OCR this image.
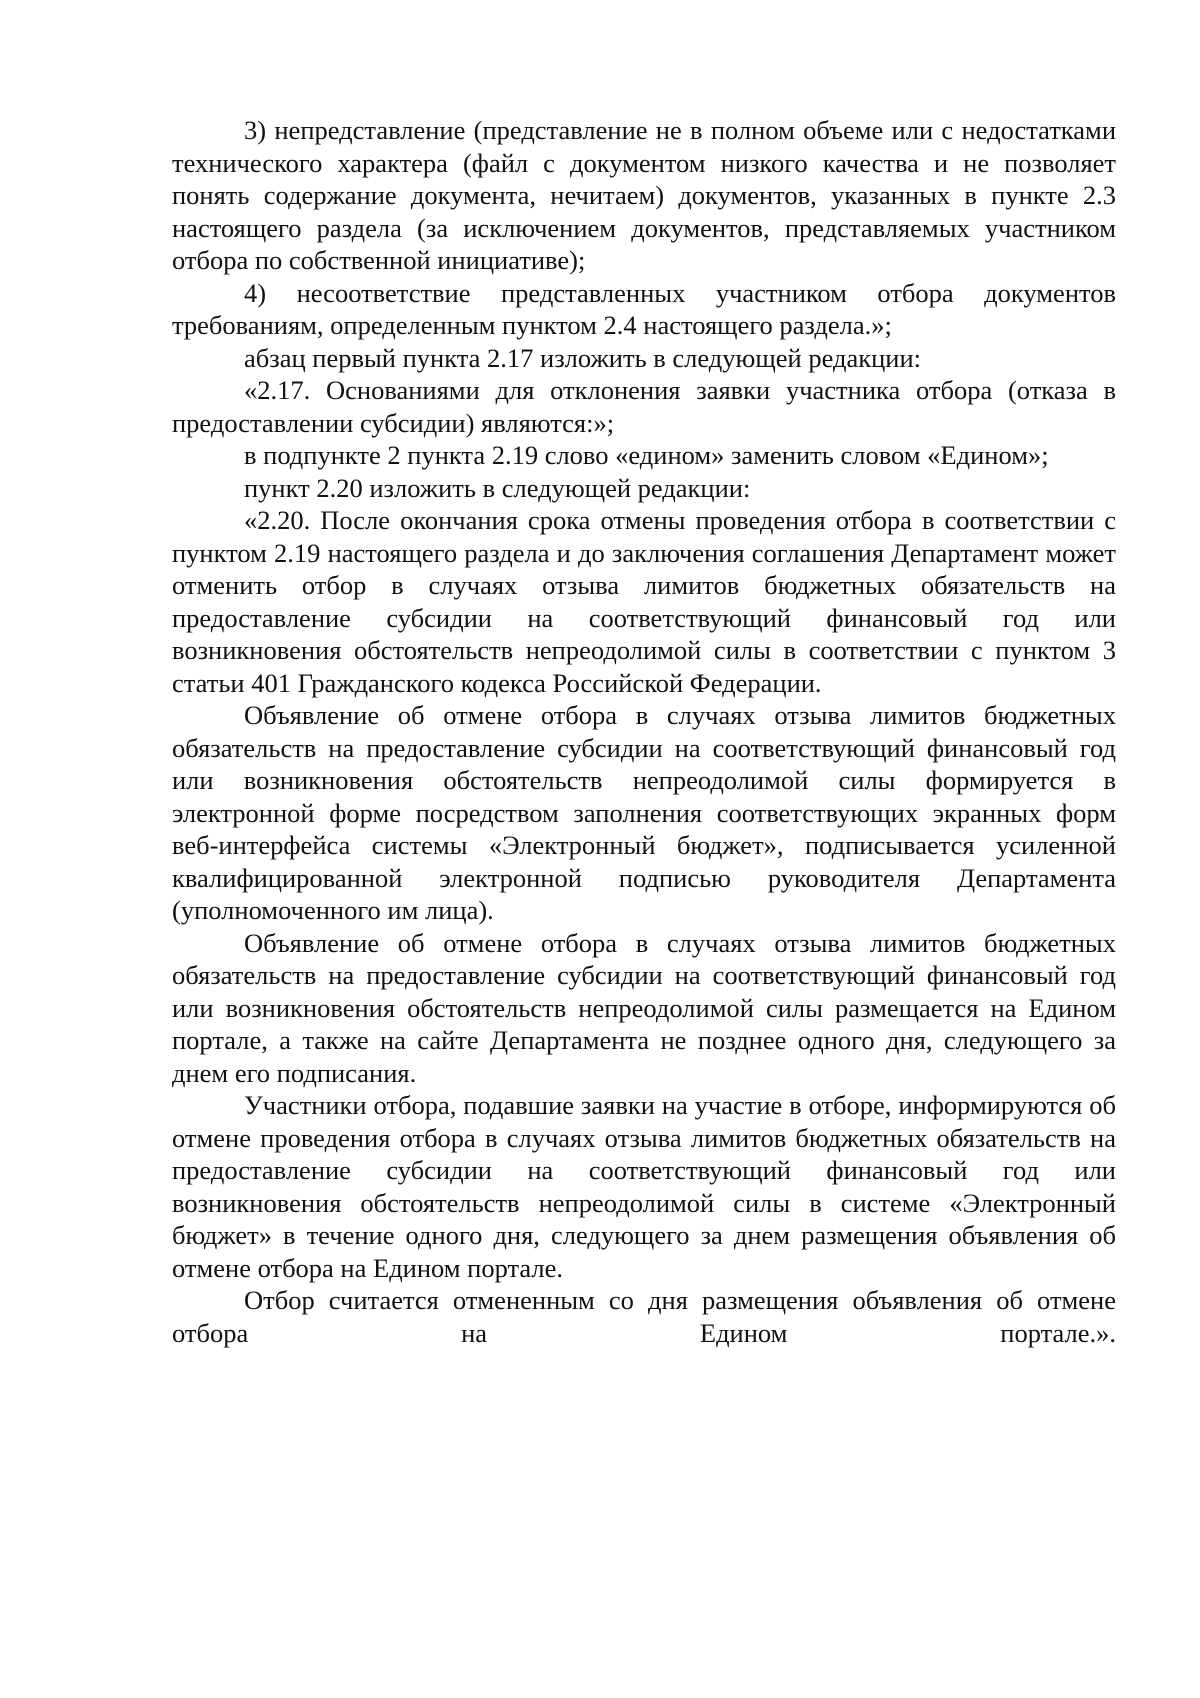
3) непредставление (представление не в полном объеме или с недостатками технического характера (файл с документом низкого качества и не позволяет понять содержание документа, нечитаем) документов, указанных в пункте 2.3 настоящего раздела (за исключением документов, представляемых участником отбора по собственной инициативе);

4) несоответствие представленных участником отбора документов требованиям, определенным пунктом 2.4 настоящего раздела.»;

абзац первый пункта 2.17 изложить в следующей редакции:

«2.17. Основаниями для отклонения заявки участника отбора (отказа в предоставлении субсидии) являются:»;

в подпункте 2 пункта 2.19 слово «едином» заменить словом «Едином»;

пункт 2.20 изложить в следующей редакции:

«2.20. После окончания срока отмены проведения отбора в соответствии с пунктом 2.19 настоящего раздела и до заключения соглашения Департамент может отменить отбор в случаях отзыва лимитов бюджетных обязательств на предоставление субсидии на соответствующий финансовый год или возникновения обстоятельств непреодолимой силы в соответствии с пунктом 3 статьи 401 Гражданского кодекса Российской Федерации.

Объявление об отмене отбора в случаях отзыва лимитов бюджетных обязательств на предоставление субсидии на соответствующий финансовый год или возникновения обстоятельств непреодолимой силы формируется в электронной форме посредством заполнения соответствующих экранных форм веб-интерфейса системы «Электронный бюджет», подписывается усиленной квалифицированной электронной подписью руководителя Департамента (уполномоченного им лица).

Объявление об отмене отбора в случаях отзыва лимитов бюджетных обязательств на предоставление субсидии на соответствующий финансовый год или возникновения обстоятельств непреодолимой силы размещается на Едином портале, а также на сайте Департамента не позднее одного дня, следующего за днем его подписания.

Участники отбора, подавшие заявки на участие в отборе, информируются об отмене проведения отбора в случаях отзыва лимитов бюджетных обязательств на предоставление субсидии на соответствующий финансовый год или возникновения обстоятельств непреодолимой силы в системе «Электронный бюджет» в течение одного дня, следующего за днем размещения объявления об отмене отбора на Едином портале.

Отбор считается отмененным со дня размещения объявления об отмене отбора на Едином портале.».
